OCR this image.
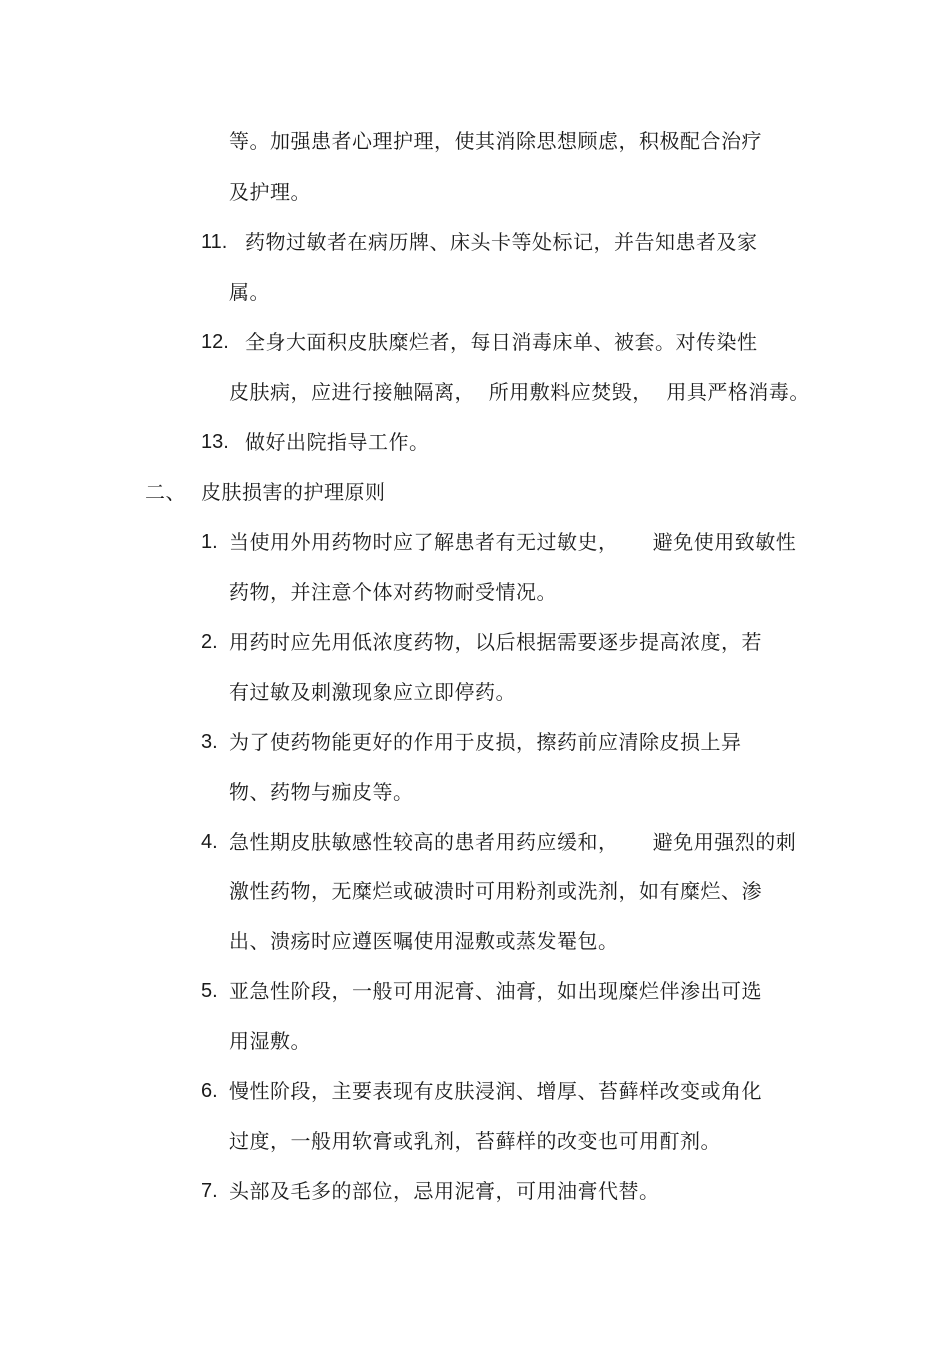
等。加强患者心理护理，使其消除思想顾虑，积极配合治疗
及护理。
11. 药物过敏者在病历牌、床头卡等处标记，并告知患者及家
属。
12. 全身大面积皮肤糜烂者，每日消毒床单、被套。对传染性
皮肤病，应进行接触隔离，  所用敷料应焚毁，  用具严格消毒。
13. 做好出院指导工作。
二、 皮肤损害的护理原则
1. 当使用外用药物时应了解患者有无过敏史，     避免使用致敏性
药物，并注意个体对药物耐受情况。
2. 用药时应先用低浓度药物，以后根据需要逐步提高浓度，若
有过敏及刺激现象应立即停药。
3. 为了使药物能更好的作用于皮损，擦药前应清除皮损上异
物、药物与痂皮等。
4. 急性期皮肤敏感性较高的患者用药应缓和，     避免用强烈的刺
激性药物，无糜烂或破溃时可用粉剂或洗剂，如有糜烂、渗
出、溃疡时应遵医嘱使用湿敷或蒸发罨包。
5. 亚急性阶段，一般可用泥膏、油膏，如出现糜烂伴渗出可选
用湿敷。
6. 慢性阶段，主要表现有皮肤浸润、增厚、苔藓样改变或角化
过度，一般用软膏或乳剂，苔藓样的改变也可用酊剂。
7. 头部及毛多的部位，忌用泥膏，可用油膏代替。
